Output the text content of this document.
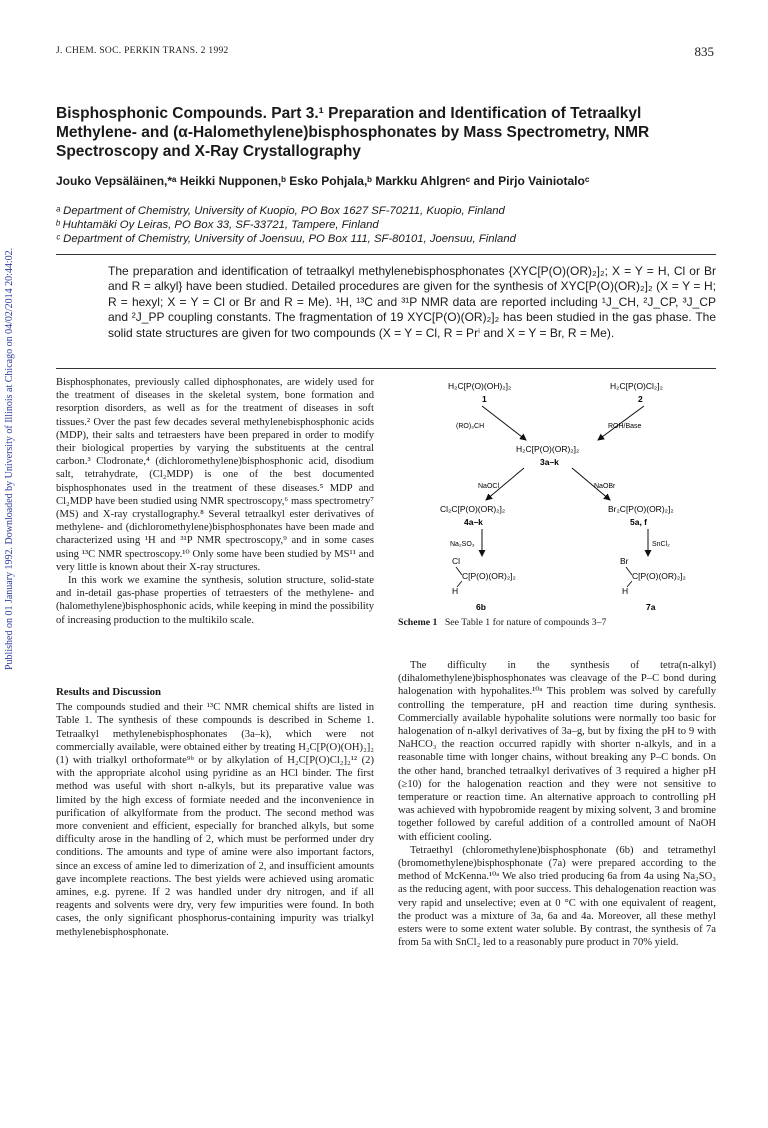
Published on 01 January 1992. Downloaded by University of Illinois at Chicago on 04/02/2014 20:44:02.
J. CHEM. SOC. PERKIN TRANS. 2 1992	835
Bisphosphonic Compounds. Part 3.¹ Preparation and Identification of Tetraalkyl Methylene- and (α-Halomethylene)bisphosphonates by Mass Spectrometry, NMR Spectroscopy and X-Ray Crystallography
Jouko Vepsäläinen,*ᵃ Heikki Nupponen,ᵇ Esko Pohjala,ᵇ Markku Ahlgrenᶜ and Pirjo Vainiotaloᶜ
ᵃ Department of Chemistry, University of Kuopio, PO Box 1627 SF-70211, Kuopio, Finland
ᵇ Huhtamäki Oy Leiras, PO Box 33, SF-33721, Tampere, Finland
ᶜ Department of Chemistry, University of Joensuu, PO Box 111, SF-80101, Joensuu, Finland
The preparation and identification of tetraalkyl methylenebisphosphonates {XYC[P(O)(OR)₂]₂; X = Y = H, Cl or Br and R = alkyl} have been studied. Detailed procedures are given for the synthesis of XYC[P(O)(OR)₂]₂ (X = Y = H; R = hexyl; X = Y = Cl or Br and R = Me). ¹H, ¹³C and ³¹P NMR data are reported including ¹J_CH, ²J_CP, ³J_CP and ²J_PP coupling constants. The fragmentation of 19 XYC[P(O)(OR)₂]₂ has been studied in the gas phase. The solid state structures are given for two compounds (X = Y = Cl, R = Prⁱ and X = Y = Br, R = Me).

Bisphosphonates, previously called diphosphonates, are widely used for the treatment of diseases in the skeletal system, bone formation and resorption disorders, as well as for the treatment of diseases in soft tissues.² Over the past few decades several methylenebisphosphonic acids (MDP), their salts and tetraesters have been prepared in order to modify their biological properties by varying the substituents at the central carbon.³ Clodronate,⁴ (dichloromethylene)bisphosphonic acid, disodium salt, tetrahydrate, (Cl₂MDP) is one of the best documented bisphosphonates used in the treatment of these diseases.⁵ MDP and Cl₂MDP have been studied using NMR spectroscopy,⁶ mass spectrometry⁷ (MS) and X-ray crystallography.⁸ Several tetraalkyl ester derivatives of methylene- and (dichloromethylene)bisphosphonates have been made and characterized using ¹H and ³¹P NMR spectroscopy,⁹ and in some cases using ¹³C NMR spectroscopy.¹⁰ Only some have been studied by MS¹¹ and very little is known about their X-ray structures.

In this work we examine the synthesis, solution structure, solid-state and in-detail gas-phase properties of tetraesters of the methylene- and (halomethylene)bisphosphonic acids, while keeping in mind the possibility of increasing production to the multikilo scale.

Results and Discussion

The compounds studied and their ¹³C NMR chemical shifts are listed in Table 1. The synthesis of these compounds is described in Scheme 1. Tetraalkyl methylenebisphosphonates (3a–k), which were not commercially available, were obtained either by treating H₂C[P(O)(OH)₂]₂ (1) with trialkyl orthoformate⁹ᵇ or by alkylation of H₂C[P(O)Cl₂]₂¹² (2) with the appropriate alcohol using pyridine as an HCl binder. The first method was useful with short n-alkyls, but its preparative value was limited by the high excess of formiate needed and the inconvenience in purification of alkylformate from the product. The second method was more convenient and efficient, especially for branched alkyls, but some difficulty arose in the handling of 2, which must be performed under dry conditions. The amounts and type of amine were also important factors, since an excess of amine led to dimerization of 2, and insufficient amounts gave incomplete reactions. The best yields were achieved using aromatic amines, e.g. pyrene. If 2 was handled under dry nitrogen, and if all reagents and solvents were dry, very few impurities were found. In both cases, the only significant phosphorus-containing impurity was trialkyl methylenebisphosphonate.

H₂C[P(O)(OH)₂]₂
1
H₂C[P(O)Cl₂]₂
2
(RO)₃CH	ROH/Base
H₂C[P(O)(OR)₂]₂
3a–k
NaOCl	NaOBr
Cl₂C[P(O)(OR)₂]₂
4a–k
Br₂C[P(O)(OR)₂]₂
5a, f
Na₂SO₃	SnCl₂
Cl
C[P(O)(OR)₂]₂
H
6b
Br
C[P(O)(OR)₂]₂
H
7a
Scheme 1 See Table 1 for nature of compounds 3–7

The difficulty in the synthesis of tetra(n-alkyl) (dihalomethylene)bisphosphonates was cleavage of the P–C bond during halogenation with hypohalites.¹⁰ᵃ This problem was solved by carefully controlling the temperature, pH and reaction time during synthesis. Commercially available hypohalite solutions were normally too basic for halogenation of n-alkyl derivatives of 3a–g, but by fixing the pH to 9 with NaHCO₃ the reaction occurred rapidly with shorter n-alkyls, and in a reasonable time with longer chains, without breaking any P–C bonds. On the other hand, branched tetraalkyl derivatives of 3 required a higher pH (≥10) for the halogenation reaction and they were not sensitive to temperature or reaction time. An alternative approach to controlling pH was achieved with hypobromide reagent by mixing solvent, 3 and bromine together followed by careful addition of a controlled amount of NaOH with efficient cooling.

Tetraethyl (chloromethylene)bisphosphonate (6b) and tetramethyl (bromomethylene)bisphosphonate (7a) were prepared according to the method of McKenna.¹⁰ᵃ We also tried producing 6a from 4a using Na₂SO₃ as the reducing agent, with poor success. This dehalogenation reaction was very rapid and unselective; even at 0 °C with one equivalent of reagent, the product was a mixture of 3a, 6a and 4a. Moreover, all these methyl esters were to some extent water soluble. By contrast, the synthesis of 7a from 5a with SnCl₂ led to a reasonably pure product in 70% yield.
